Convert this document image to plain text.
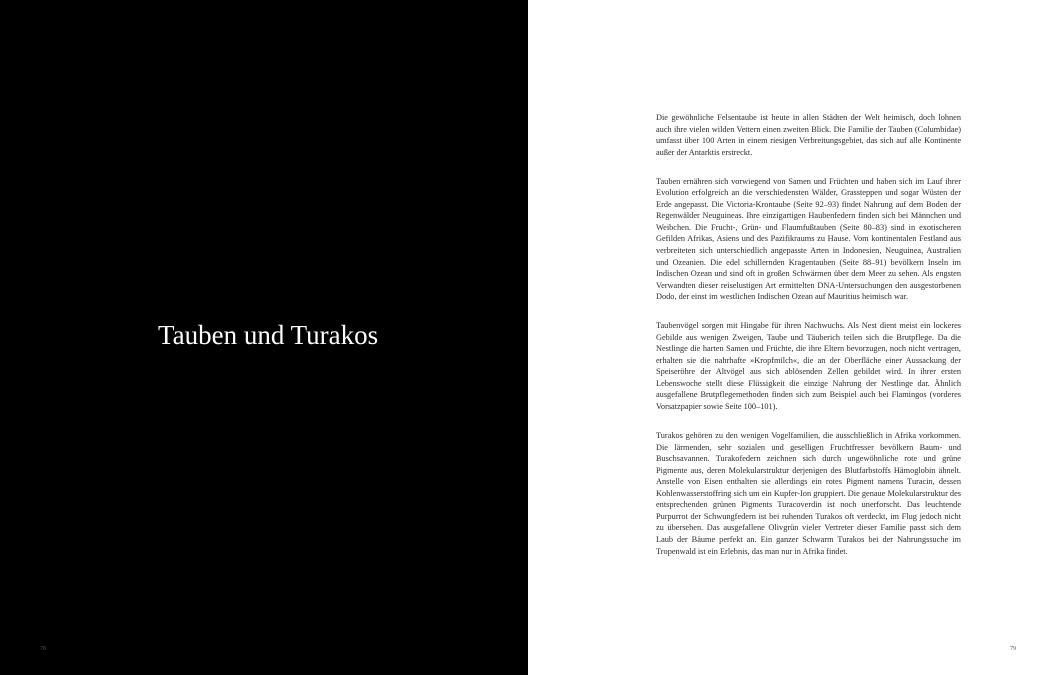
Tauben und Turakos

Die gewöhnliche Felsentaube ist heute in allen Städten der Welt heimisch, doch lohnen auch ihre vielen wilden Vettern einen zweiten Blick. Die Familie der Tauben (Columbidae) umfasst über 100 Arten in einem riesigen Verbreitungsgebiet, das sich auf alle Kontinente außer der Antarktis erstreckt.

Tauben ernähren sich vorwiegend von Samen und Früchten und haben sich im Lauf ihrer Evolution erfolgreich an die verschiedensten Wälder, Grassteppen und sogar Wüsten der Erde angepasst. Die Victoria-Krontaube (Seite 92–93) findet Nahrung auf dem Boden der Regenwälder Neuguineas. Ihre einzigartigen Haubenfedern finden sich bei Männchen und Weibchen. Die Frucht-, Grün- und Flaumfußtauben (Seite 80–83) sind in exotischeren Gefilden Afrikas, Asiens und des Pazifikraums zu Hause. Vom kontinentalen Festland aus verbreiteten sich unterschiedlich angepasste Arten in Indonesien, Neuguinea, Australien und Ozeanien. Die edel schillernden Kragentauben (Seite 88–91) bevölkern Inseln im Indischen Ozean und sind oft in großen Schwärmen über dem Meer zu sehen. Als engsten Verwandten dieser reiselustigen Art ermittelten DNA-Untersuchungen den ausgestorbenen Dodo, der einst im westlichen Indischen Ozean auf Mauritius heimisch war.

Taubenvögel sorgen mit Hingabe für ihren Nachwuchs. Als Nest dient meist ein lockeres Gebilde aus wenigen Zweigen, Taube und Täuberich teilen sich die Brutpflege. Da die Nestlinge die harten Samen und Früchte, die ihre Eltern bevorzugen, noch nicht vertragen, erhalten sie die nahrhafte »Kropfmilch«, die an der Oberfläche einer Aussackung der Speiseröhre der Altvögel aus sich ablösenden Zellen gebildet wird. In ihrer ersten Lebenswoche stellt diese Flüssigkeit die einzige Nahrung der Nestlinge dar. Ähnlich ausgefallene Brutpflegemethoden finden sich zum Beispiel auch bei Flamingos (vorderes Vorsatzpapier sowie Seite 100–101).

Turakos gehören zu den wenigen Vogelfamilien, die ausschließlich in Afrika vorkommen. Die lärmenden, sehr sozialen und geselligen Fruchtfresser bevölkern Baum- und Buschsavannen. Turakofedern zeichnen sich durch ungewöhnliche rote und grüne Pigmente aus, deren Molekularstruktur derjenigen des Blutfarbstoffs Hämoglobin ähnelt. Anstelle von Eisen enthalten sie allerdings ein rotes Pigment namens Turacin, dessen Kohlenwasserstoffring sich um ein Kupfer-Ion gruppiert. Die genaue Molekularstruktur des entsprechenden grünen Pigments Turacoverdin ist noch unerforscht. Das leuchtende Purpurrot der Schwungfedern ist bei ruhenden Turakos oft verdeckt, im Flug jedoch nicht zu übersehen. Das ausgefallene Olivgrün vieler Vertreter dieser Familie passt sich dem Laub der Bäume perfekt an. Ein ganzer Schwarm Turakos bei der Nahrungssuche im Tropenwald ist ein Erlebnis, das man nur in Afrika findet.

78	79
